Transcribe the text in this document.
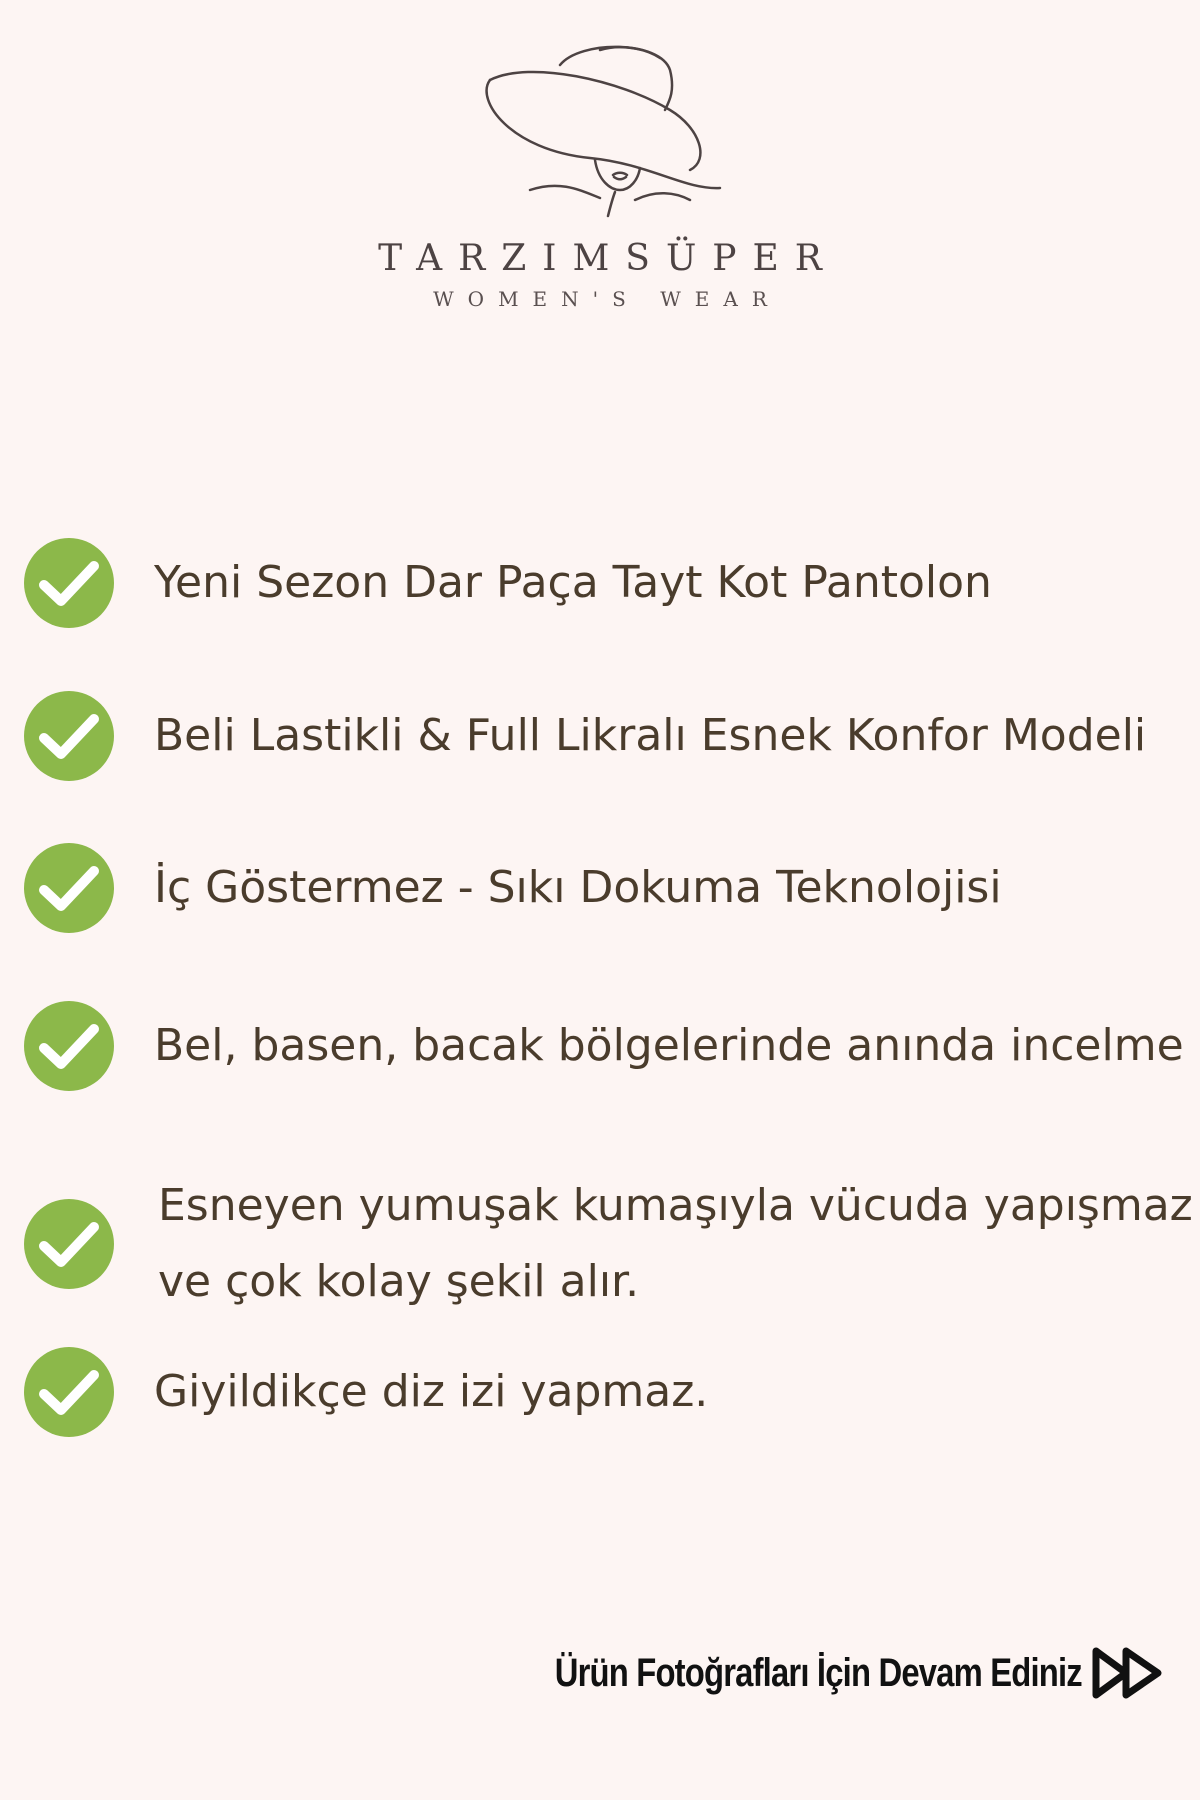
TARZIMSÜPER
WOMEN'S WEAR
Yeni Sezon Dar Paça Tayt Kot Pantolon
Beli Lastikli & Full Likralı Esnek Konfor Modeli
İç Göstermez - Sıkı Dokuma Teknolojisi
Bel, basen, bacak bölgelerinde anında incelme
Esneyen yumuşak kumaşıyla vücuda yapışmaz
ve çok kolay şekil alır.
Giyildikçe diz izi yapmaz.
Ürün Fotoğrafları İçin Devam Ediniz
